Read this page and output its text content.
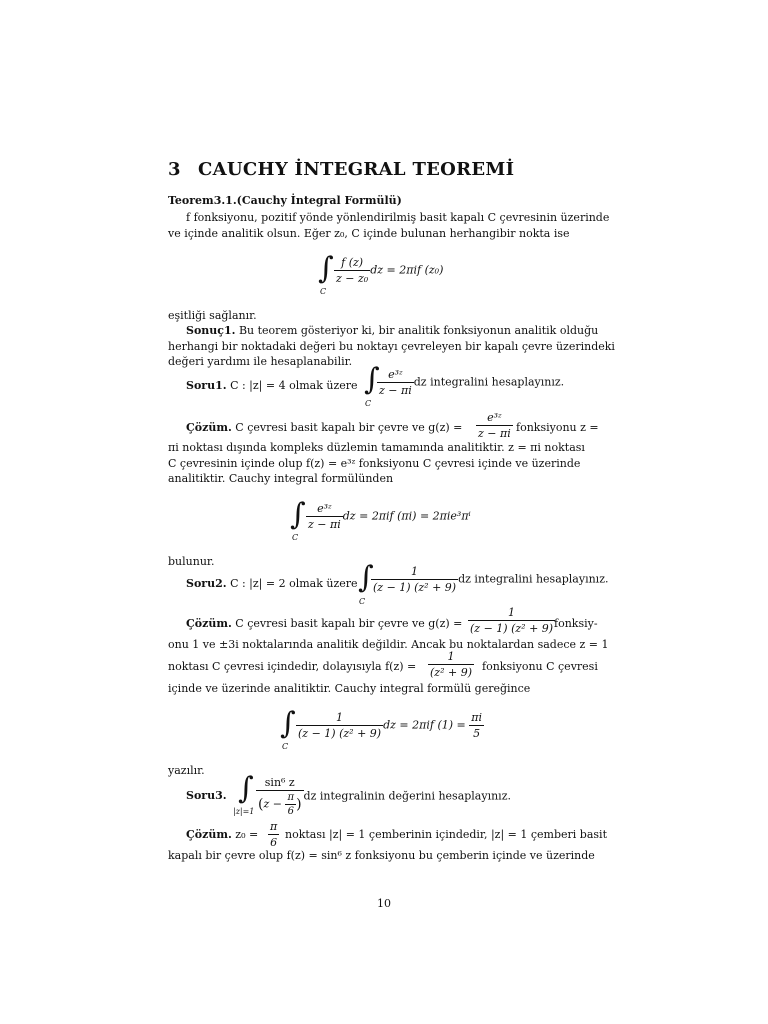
3 CAUCHY İNTEGRAL TEOREMİ
Teorem3.1.(Cauchy İntegral Formülü)
f fonksiyonu, pozitif yönde yönlendirilmiş basit kapalı C çevresinin üzerinde
ve içinde analitik olsun. Eğer z₀, C içinde bulunan herhangibir nokta ise
∫
C
$\frac{f (z)}{\text{z − z₀}}$ dz = 2πif (z₀)
eşitliği sağlanır.
Sonuç1. Bu teorem gösteriyor ki, bir analitik fonksiyonun analitik olduğu
herhangi bir noktadaki değeri bu noktayı çevreleyen bir kapalı çevre üzerindeki
değeri yardımı ile hesaplanabilir.
Soru1. C : |z| = 4 olmak üzere ∫
C
$\frac{\text{e³ᶻ}}{z - \pi i}$ dz integralini hesaplayınız.
Çözüm. C çevresi basit kapalı bir çevre ve $g(z) = \frac{\text{e³ᶻ}}{z - \pi i}$ fonksiyonu z =
πi noktası dışında kompleks düzlemin tamamında analitiktir. z = πi noktası
C çevresinin içinde olup f(z) = e³ᶻ fonksiyonu C çevresi içinde ve üzerinde
analitiktir. Cauchy integral formülünden
∫
C
$\frac{\text{e³ᶻ}}{z - \pi i}$ dz = 2πif (πi) = 2πie³πⁱ
bulunur.
Soru2. C : |z| = 2 olmak üzere ∫
C
$\frac{1}{\text{(z − 1) (z² + 9)}}$ dz integralini hesaplayınız.
Çözüm. C çevresi basit kapalı bir çevre ve $g(z) = \frac{1}{\text{(z − 1) (z² + 9)}}$
fonksiy-
onu 1 ve ±3i noktalarında analitik değildir. Ancak bu noktalardan sadece z = 1
noktası C çevresi içindedir, dolayısıyla $f(z) = \frac{1}{\text{(z² + 9)}}$ fonksiyonu C çevresi
içinde ve üzerinde analitiktir. Cauchy integral formülü gereğince
∫
C
$\frac{1}{\text{(z − 1) (z² + 9)}}$ dz = 2πif $(1) = \frac{\pi i}{5}$
yazılır.
Soru3. ∫
$|z|=1 \frac{\text{sin⁶ z}}{(z - \frac{\pi}{6} )}$ dz integralinin değerini hesaplayınız.
Çözüm. $z_0 = \frac{\pi}{6}$ noktası |z| = 1 çemberinin içindedir, |z| = 1 çemberi basit
kapalı bir çevre olup f(z) = sin⁶ z fonksiyonu bu çemberin içinde ve üzerinde
10
